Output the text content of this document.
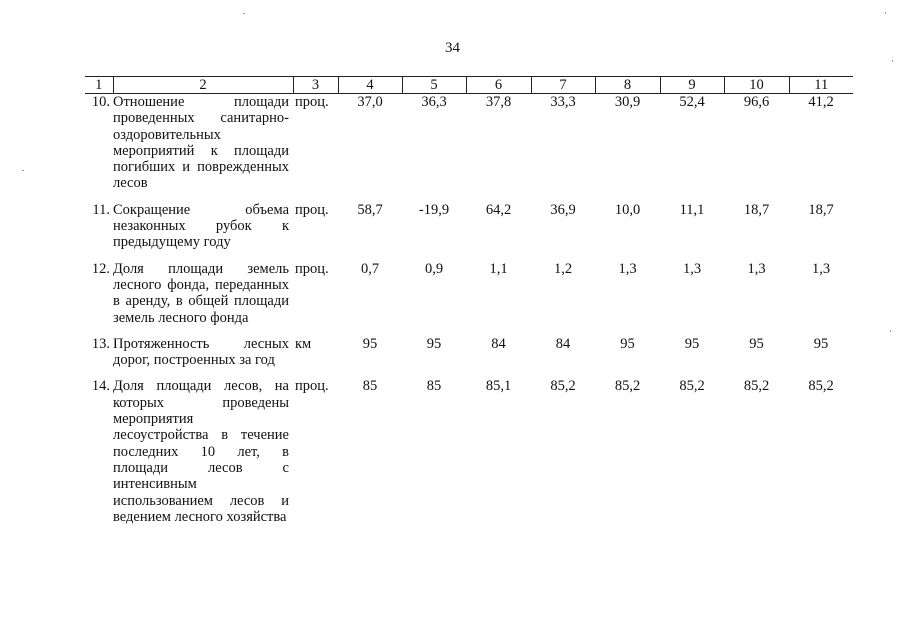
34
1	2	3	4	5	6	7	8	9	10	11
10.	Отношение площади проведенных санитарно-оздоровительных мероприятий к площади погибших и поврежденных лесов	проц.	37,0	36,3	37,8	33,3	30,9	52,4	96,6	41,2

11.	Сокращение объема незаконных рубок к предыдущему году	проц.	58,7	-19,9	64,2	36,9	10,0	11,1	18,7	18,7

12.	Доля площади земель лесного фонда, переданных в аренду, в общей площади земель лесного фонда	проц.	0,7	0,9	1,1	1,2	1,3	1,3	1,3	1,3

13.	Протяженность лесных дорог, построенных за год	км	95	95	84	84	95	95	95	95

14.	Доля площади лесов, на которых проведены мероприятия лесоустройства в течение последних 10 лет, в площади лесов с интенсивным использованием лесов и ведением лесного хозяйства	проц.	85	85	85,1	85,2	85,2	85,2	85,2	85,2
